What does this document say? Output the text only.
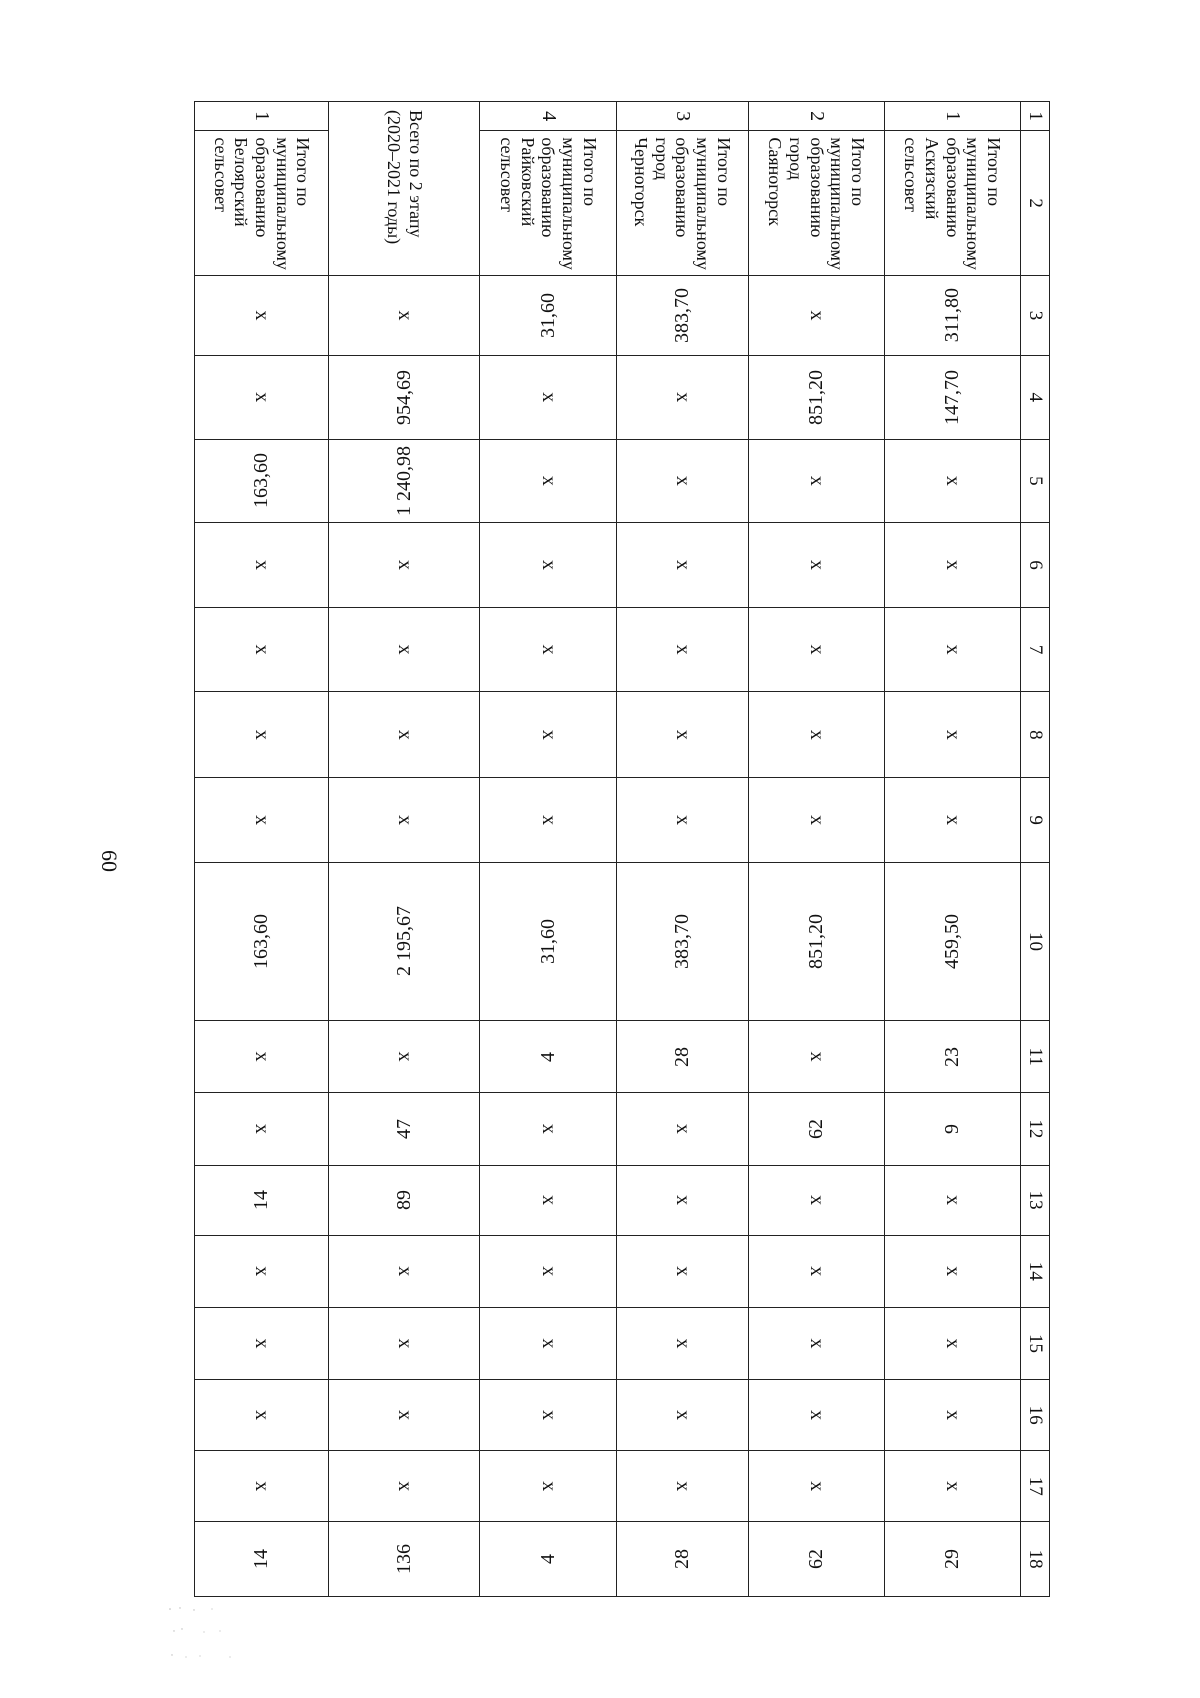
60
1	2	3	4	5	6	7	8	9	10	11	12	13	14	15	16	17	18
1	Итого по
муниципальному
образованию
Аскизский
сельсовет	311,80	147,70	x	x	x	x	x	459,50	23	9	x	x	x	x	x	29
2	Итого по
муниципальному
образованию
город
Саяногорск	x	851,20	x	x	x	x	x	851,20	x	62	x	x	x	x	x	62
3	Итого по
муниципальному
образованию
город
Черногорск	383,70	x	x	x	x	x	x	383,70	28	x	x	x	x	x	x	28
4	Итого по
муниципальному
образованию
Райковский
сельсовет	31,60	x	x	x	x	x	x	31,60	4	x	x	x	x	x	x	4

Всего по 2 этапу
(2020–2021 годы)		x	954,69	1 240,98	x	x	x	x	2 195,67	x	47	89	x	x	x	x	136
1	Итого по
муниципальному
образованию
Белоярский
сельсовет	x	x	163,60	x	x	x	x	163,60	x	x	14	x	x	x	x	14
